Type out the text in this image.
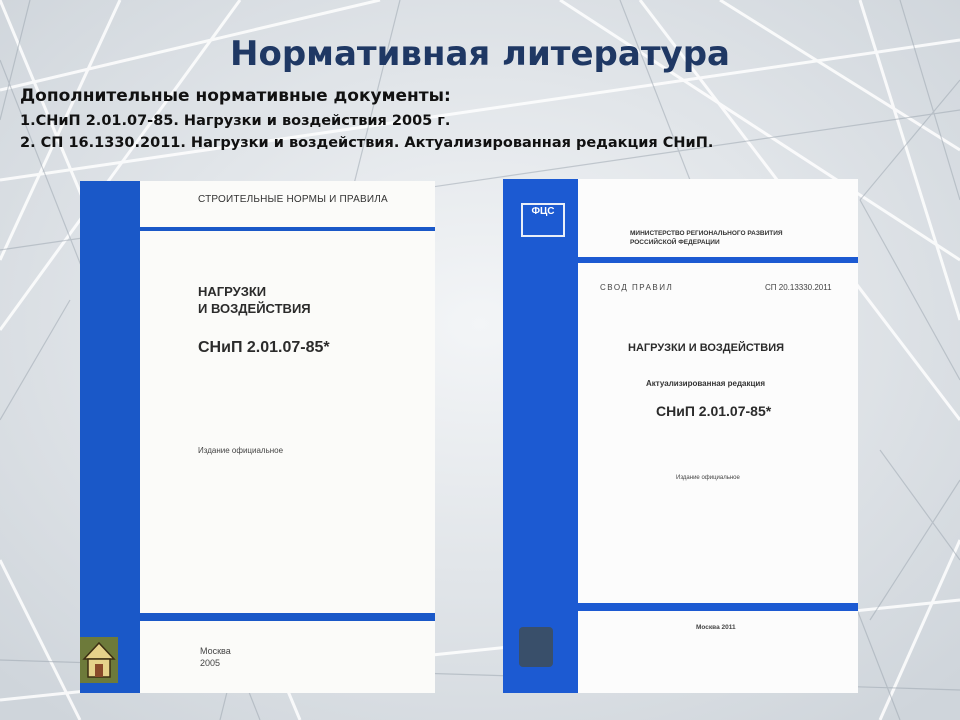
Нормативная литература
Дополнительные нормативные документы:
1.СНиП 2.01.07-85. Нагрузки и воздействия 2005 г.
2. СП 16.1330.2011. Нагрузки и воздействия. Актуализированная редакция СНиП.
СТРОИТЕЛЬНЫЕ НОРМЫ И ПРАВИЛА
НАГРУЗКИ
И ВОЗДЕЙСТВИЯ
СНиП 2.01.07-85*
Издание официальное
Москва
2005
ФЦС
МИНИСТЕРСТВО РЕГИОНАЛЬНОГО РАЗВИТИЯ
РОССИЙСКОЙ ФЕДЕРАЦИИ
СВОД ПРАВИЛ	СП 20.13330.2011
НАГРУЗКИ И ВОЗДЕЙСТВИЯ
Актуализированная редакция
СНиП 2.01.07-85*
Издание официальное
Москва 2011
